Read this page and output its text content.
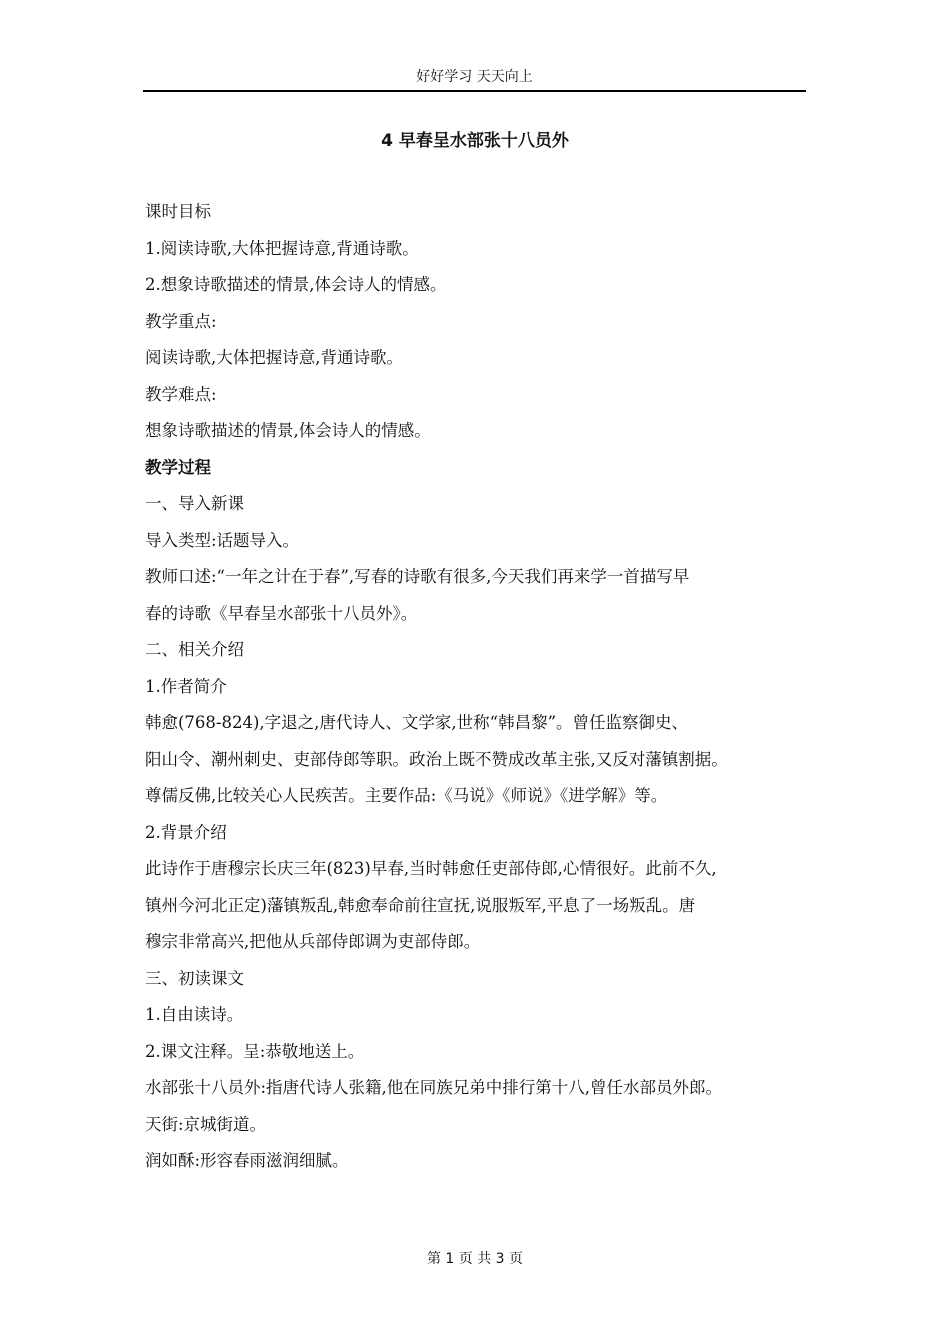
好好学习 天天向上
4 早春呈水部张十八员外

课时目标

1.阅读诗歌,大体把握诗意,背通诗歌。

2.想象诗歌描述的情景,体会诗人的情感。

教学重点:

阅读诗歌,大体把握诗意,背通诗歌。

教学难点:

想象诗歌描述的情景,体会诗人的情感。

教学过程

一、导入新课

导入类型:话题导入。

教师口述:“一年之计在于春”,写春的诗歌有很多,今天我们再来学一首描写早

春的诗歌《早春呈水部张十八员外》。

二、相关介绍

1.作者简介

韩愈(768-824),字退之,唐代诗人、文学家,世称“韩昌黎”。曾任监察御史、

阳山令、潮州刺史、吏部侍郎等职。政治上既不赞成改革主张,又反对藩镇割据。

尊儒反佛,比较关心人民疾苦。主要作品:《马说》《师说》《进学解》等。

2.背景介绍

此诗作于唐穆宗长庆三年(823)早春,当时韩愈任吏部侍郎,心情很好。此前不久,

镇州今河北正定)藩镇叛乱,韩愈奉命前往宣抚,说服叛军,平息了一场叛乱。唐

穆宗非常高兴,把他从兵部侍郎调为吏部侍郎。

三、初读课文

1.自由读诗。

2.课文注释。呈:恭敬地送上。

水部张十八员外:指唐代诗人张籍,他在同族兄弟中排行第十八,曾任水部员外郎。

天街:京城街道。

润如酥:形容春雨滋润细腻。

第 1 页 共 3 页
